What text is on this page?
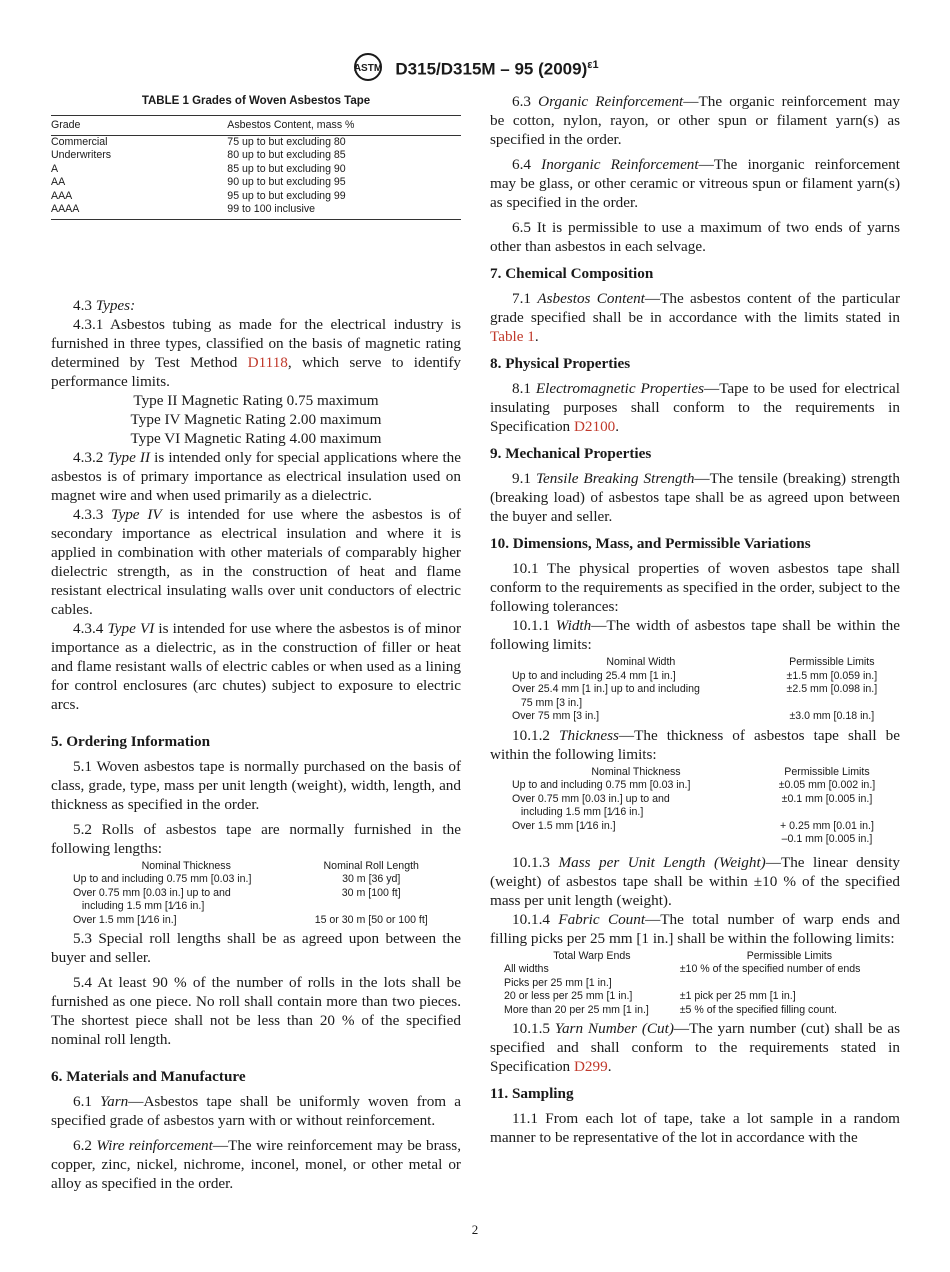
ASTM D315/D315M – 95 $(2009)^{\varepsilon 1}$
TABLE 1 Grades of Woven Asbestos Tape
Grade	Asbestos Content, mass %
Commercial	75 up to but excluding 80
Underwriters	80 up to but excluding 85
A	85 up to but excluding 90
AA	90 up to but excluding 95
AAA	95 up to but excluding 99
AAAA	99 to 100 inclusive

4.3 Types:

4.3.1 Asbestos tubing as made for the electrical industry is furnished in three types, classified on the basis of magnetic rating determined by Test Method D1118, which serve to identify performance limits.

Type II Magnetic Rating 0.75 maximum
Type IV Magnetic Rating 2.00 maximum
Type VI Magnetic Rating 4.00 maximum

4.3.2 Type II is intended only for special applications where the asbestos is of primary importance as electrical insulation used on magnet wire and when used primarily as a dielectric.

4.3.3 Type IV is intended for use where the asbestos is of secondary importance as electrical insulation and where it is applied in combination with other materials of comparably higher dielectric strength, as in the construction of heat and flame resistant electrical insulating walls over unit conductors of electric cables.

4.3.4 Type VI is intended for use where the asbestos is of minor importance as a dielectric, as in the construction of filler or heat and flame resistant walls of electric cables or when used as a lining for control enclosures (arc chutes) subject to exposure to electric arcs.

5. Ordering Information

5.1 Woven asbestos tape is normally purchased on the basis of class, grade, type, mass per unit length (weight), width, length, and thickness as specified in the order.

5.2 Rolls of asbestos tape are normally furnished in the following lengths:

Nominal Thickness	Nominal Roll Length
Up to and including 0.75 mm [0.03 in.]	30 m [36 yd]
Over 0.75 mm [0.03 in.] up to and	30 m [100 ft]
including 1.5 mm [1⁄16 in.]	
Over 1.5 mm [1⁄16 in.]	15 or 30 m [50 or 100 ft]

5.3 Special roll lengths shall be as agreed upon between the buyer and seller.

5.4 At least 90 % of the number of rolls in the lots shall be furnished as one piece. No roll shall contain more than two pieces. The shortest piece shall not be less than 20 % of the specified nominal roll length.

6. Materials and Manufacture

6.1 Yarn—Asbestos tape shall be uniformly woven from a specified grade of asbestos yarn with or without reinforcement.

6.2 Wire reinforcement—The wire reinforcement may be brass, copper, zinc, nickel, nichrome, inconel, monel, or other metal or alloy as specified in the order.

6.3 Organic Reinforcement—The organic reinforcement may be cotton, nylon, rayon, or other spun or filament yarn(s) as specified in the order.

6.4 Inorganic Reinforcement—The inorganic reinforcement may be glass, or other ceramic or vitreous spun or filament yarn(s) as specified in the order.

6.5 It is permissible to use a maximum of two ends of yarns other than asbestos in each selvage.

7. Chemical Composition

7.1 Asbestos Content—The asbestos content of the particular grade specified shall be in accordance with the limits stated in Table 1.

8. Physical Properties

8.1 Electromagnetic Properties—Tape to be used for electrical insulating purposes shall conform to the requirements in Specification D2100.

9. Mechanical Properties

9.1 Tensile Breaking Strength—The tensile (breaking) strength (breaking load) of asbestos tape shall be as agreed upon between the buyer and seller.

10. Dimensions, Mass, and Permissible Variations

10.1 The physical properties of woven asbestos tape shall conform to the requirements as specified in the order, subject to the following tolerances:

10.1.1 Width—The width of asbestos tape shall be within the following limits:

Nominal Width	Permissible Limits
Up to and including 25.4 mm [1 in.]	±1.5 mm [0.059 in.]
Over 25.4 mm [1 in.] up to and including	±2.5 mm [0.098 in.]
75 mm [3 in.]	
Over 75 mm [3 in.]	±3.0 mm [0.18 in.]

10.1.2 Thickness—The thickness of asbestos tape shall be within the following limits:

Nominal Thickness	Permissible Limits
Up to and including 0.75 mm [0.03 in.]	±0.05 mm [0.002 in.]
Over 0.75 mm [0.03 in.] up to and	±0.1 mm [0.005 in.]
including 1.5 mm [1⁄16 in.]	
Over 1.5 mm [1⁄16 in.]	+ 0.25 mm [0.01 in.]
	–0.1 mm [0.005 in.]

10.1.3 Mass per Unit Length (Weight)—The linear density (weight) of asbestos tape shall be within ±10 % of the specified mass per unit length (weight).

10.1.4 Fabric Count—The total number of warp ends and filling picks per 25 mm [1 in.] shall be within the following limits:

Total Warp Ends	Permissible Limits
All widths	±10 % of the specified number of ends
Picks per 25 mm [1 in.]	
20 or less per 25 mm [1 in.]	±1 pick per 25 mm [1 in.]
More than 20 per 25 mm [1 in.]	±5 % of the specified filling count.

10.1.5 Yarn Number (Cut)—The yarn number (cut) shall be as specified and shall conform to the requirements stated in Specification D299.

11. Sampling

11.1 From each lot of tape, take a lot sample in a random manner to be representative of the lot in accordance with the

2
